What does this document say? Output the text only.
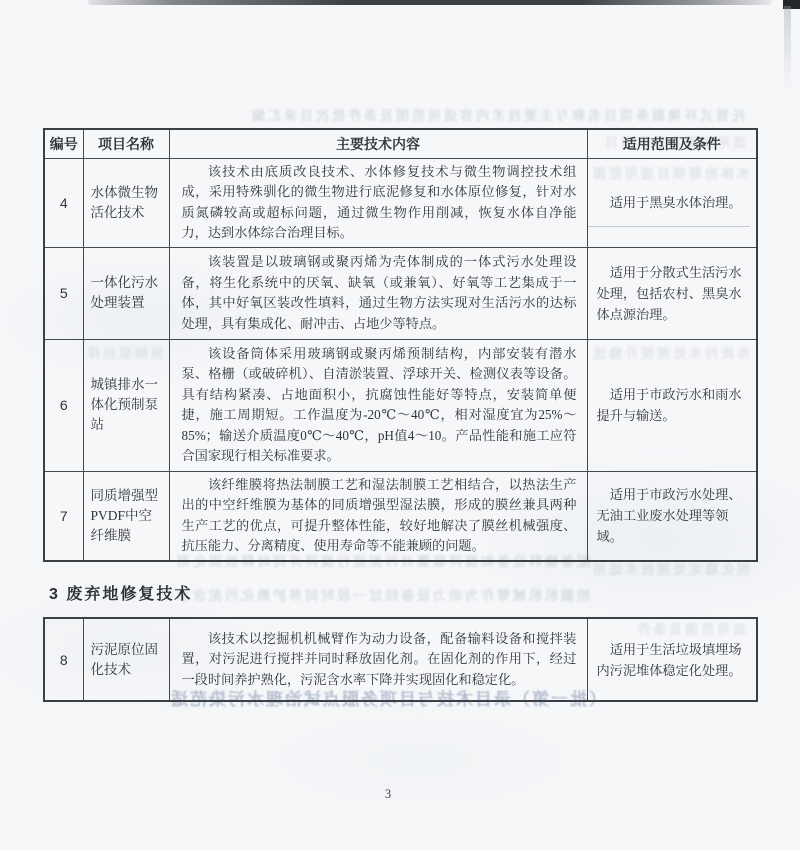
托管式环境服务项目名称与主要技术内容适用范围及条件批次目录汇编
适用范围及条件项目
水体治理项目适用范围
市政污水处理提升输送范围条件市政污水处理提升
预制泵站排水一体技术
固化稳定处理技术适用固化稳定处理技术适用
配备输料设备和搅拌装置对污泥进行搅拌并同时释放固化剂作用下经过
挖掘机机械臂作为动力设备经过一段时间养护熟化污泥含水率下降实现
适用范围及条件
（批一第）录目术技与目项务服点试治理水污染范适用
编号	项目名称	主要技术内容	适用范围及条件
4	水体微生物活化技术	该技术由底质改良技术、水体修复技术与微生物调控技术组成，采用特殊驯化的微生物进行底泥修复和水体原位修复，针对水质氮磷较高或超标问题，通过微生物作用削减，恢复水体自净能力，达到水体综合治理目标。	适用于黑臭水体治理。
5	一体化污水处理装置	该装置是以玻璃钢或聚丙烯为壳体制成的一体式污水处理设备，将生化系统中的厌氧、缺氧（或兼氧）、好氧等工艺集成于一体，其中好氧区装改性填料，通过生物方法实现对生活污水的达标处理，具有集成化、耐冲击、占地少等特点。	适用于分散式生活污水处理，包括农村、黑臭水体点源治理。
6	城镇排水一体化预制泵站	该设备筒体采用玻璃钢或聚丙烯预制结构，内部安装有潜水泵、格栅（或破碎机）、自清淤装置、浮球开关、检测仪表等设备。具有结构紧凑、占地面积小，抗腐蚀性能好等特点，安装简单便捷，施工周期短。工作温度为-20℃～40℃，相对湿度宜为25%～85%；输送介质温度0℃～40℃，pH值4～10。产品性能和施工应符合国家现行相关标准要求。	适用于市政污水和雨水提升与输送。
7	同质增强型PVDF中空纤维膜	该纤维膜将热法制膜工艺和湿法制膜工艺相结合，以热法生产出的中空纤维膜为基体的同质增强型湿法膜，形成的膜丝兼具两种生产工艺的优点，可提升整体性能，较好地解决了膜丝机械强度、抗压能力、分离精度、使用寿命等不能兼顾的问题。	适用于市政污水处理、无油工业废水处理等领域。
3 废弃地修复技术
8	污泥原位固化技术	该技术以挖掘机机械臂作为动力设备，配备输料设备和搅拌装置，对污泥进行搅拌并同时释放固化剂。在固化剂的作用下，经过一段时间养护熟化，污泥含水率下降并实现固化和稳定化。	适用于生活垃圾填埋场内污泥堆体稳定化处理。
3
